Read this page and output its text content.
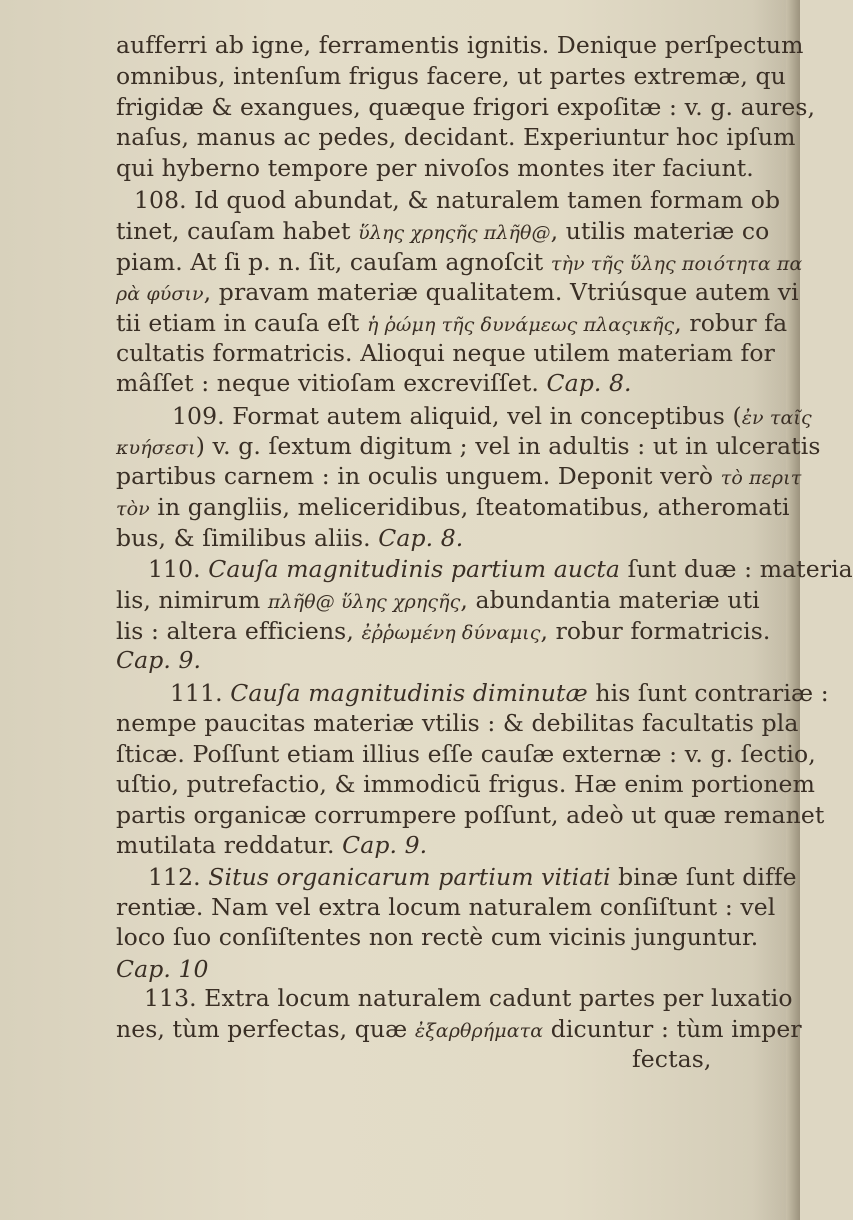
aufferri ab igne, ferramentis ignitis. Denique perſpectum
omnibus, intenſum frigus facere, ut partes extremæ, qu
frigidæ & exangues, quæque frigori expoſitæ : v. g. aures,
naſus, manus ac pedes, decidant. Experiuntur hoc ipſum
qui hyberno tempore per nivoſos montes iter faciunt.
108. Id quod abundat, & naturalem tamen formam ob
tinet, cauſam habet ὕλης χρηςῆς πλῆθ@, utilis materiæ co
piam. At ſi p. n. ſit, cauſam agnoſcit τὴν τῆς ὕλης ποιότητα πα
ρὰ φύσιν, pravam materiæ qualitatem. Vtriúsque autem vi
tii etiam in cauſa eſt ἡ ῥώμη τῆς δυνάμεως πλαςικῆς, robur fa
cultatis formatricis. Alioqui neque utilem materiam for
mâſſet : neque vitioſam excreviſſet. Cap. 8.
109. Format autem aliquid, vel in conceptibus (ἐν ταῖς
κυήσεσι) v. g. ſextum digitum ; vel in adultis : ut in ulceratis
partibus carnem : in oculis unguem. Deponit verò τὸ περιτ
τὸν in gangliis, meliceridibus, ſteatomatibus, atheromati
bus, & ſimilibus aliis. Cap. 8.
110. Cauſa magnitudinis partium aucta ſunt duæ : materia
lis, nimirum πλῆθ@ ὕλης χρηςῆς, abundantia materiæ uti
lis : altera efficiens, ἐῤῥωμένη δύναμις, robur formatricis.
Cap. 9.
111. Cauſa magnitudinis diminutæ his ſunt contrariæ :
nempe paucitas materiæ vtilis : & debilitas facultatis pla
ſticæ. Poſſunt etiam illius eſſe cauſæ externæ : v. g. ſectio,
uſtio, putrefactio, & immodicū frigus. Hæ enim portionem
partis organicæ corrumpere poſſunt, adeò ut quæ remanet
mutilata reddatur. Cap. 9.
112. Situs organicarum partium vitiati binæ ſunt diffe
rentiæ. Nam vel extra locum naturalem conſiſtunt : vel
loco ſuo conſiſtentes non rectè cum vicinis junguntur.
Cap. 10
113. Extra locum naturalem cadunt partes per luxatio
nes, tùm perfectas, quæ ἐξαρθρήματα dicuntur : tùm imper
fectas,
